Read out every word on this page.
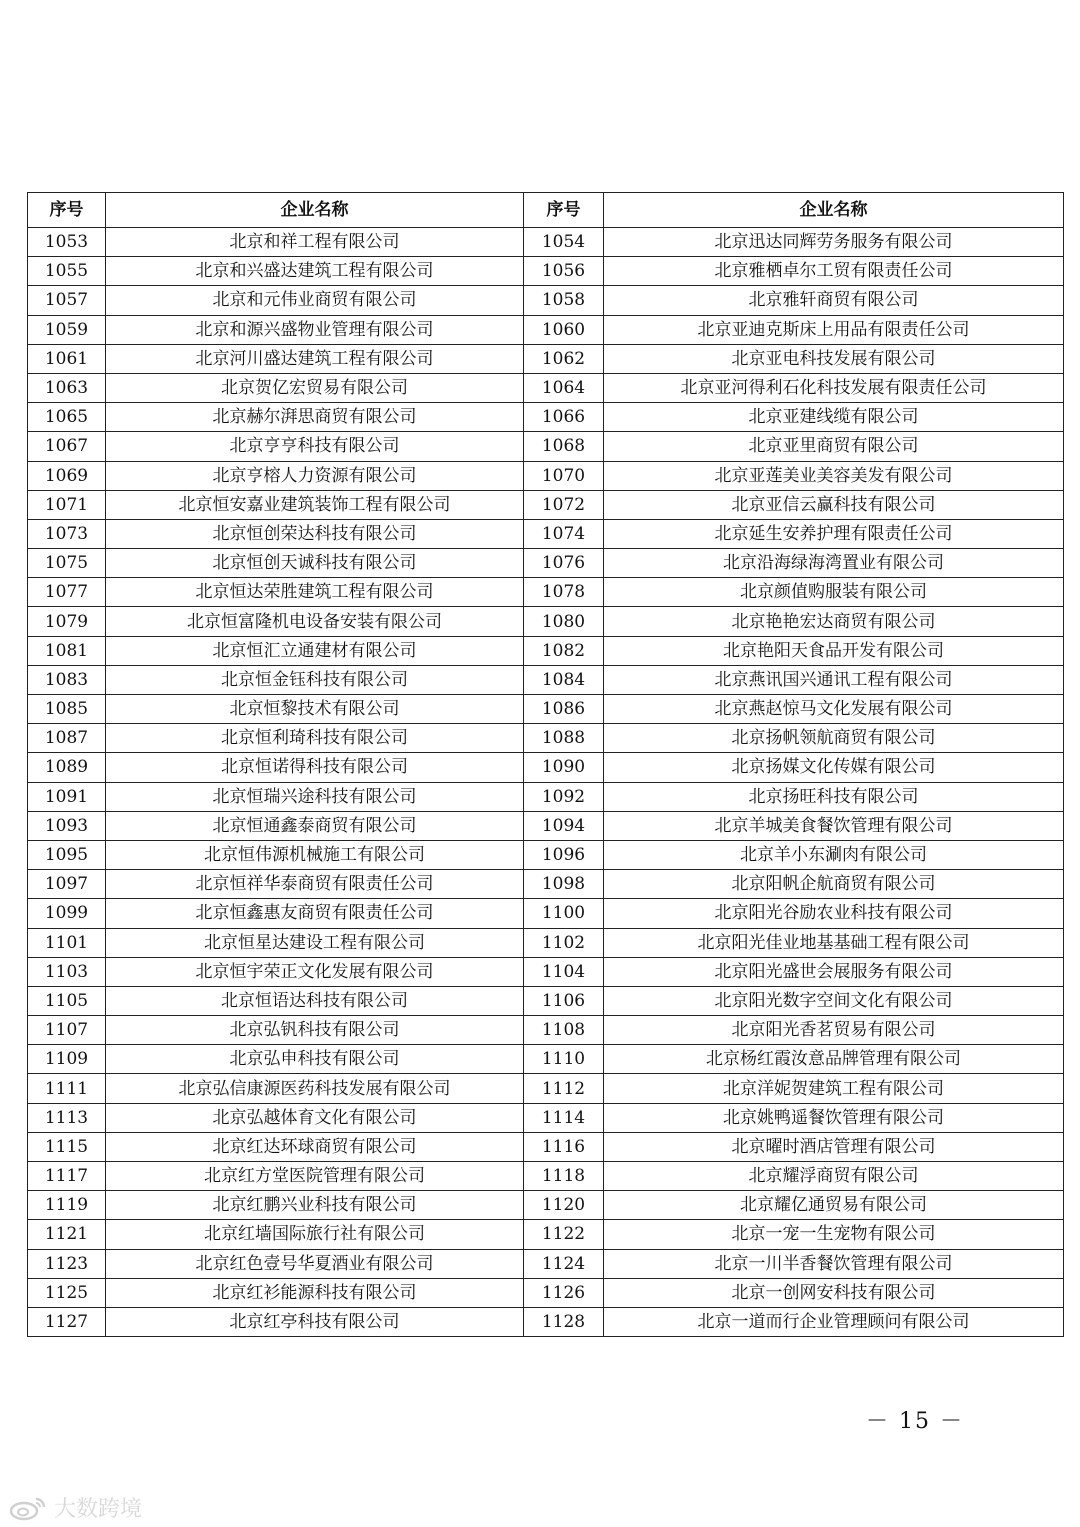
序号	企业名称	序号	企业名称
1053	北京和祥工程有限公司	1054	北京迅达同辉劳务服务有限公司
1055	北京和兴盛达建筑工程有限公司	1056	北京雅栖卓尔工贸有限责任公司
1057	北京和元伟业商贸有限公司	1058	北京雅轩商贸有限公司
1059	北京和源兴盛物业管理有限公司	1060	北京亚迪克斯床上用品有限责任公司
1061	北京河川盛达建筑工程有限公司	1062	北京亚电科技发展有限公司
1063	北京贺亿宏贸易有限公司	1064	北京亚河得利石化科技发展有限责任公司
1065	北京赫尔湃思商贸有限公司	1066	北京亚建线缆有限公司
1067	北京亨亨科技有限公司	1068	北京亚里商贸有限公司
1069	北京亨榕人力资源有限公司	1070	北京亚莲美业美容美发有限公司
1071	北京恒安嘉业建筑装饰工程有限公司	1072	北京亚信云赢科技有限公司
1073	北京恒创荣达科技有限公司	1074	北京延生安养护理有限责任公司
1075	北京恒创天诚科技有限公司	1076	北京沿海绿海湾置业有限公司
1077	北京恒达荣胜建筑工程有限公司	1078	北京颜值购服装有限公司
1079	北京恒富隆机电设备安装有限公司	1080	北京艳艳宏达商贸有限公司
1081	北京恒汇立通建材有限公司	1082	北京艳阳天食品开发有限公司
1083	北京恒金钰科技有限公司	1084	北京燕讯国兴通讯工程有限公司
1085	北京恒黎技术有限公司	1086	北京燕赵惊马文化发展有限公司
1087	北京恒利琦科技有限公司	1088	北京扬帆领航商贸有限公司
1089	北京恒诺得科技有限公司	1090	北京扬媒文化传媒有限公司
1091	北京恒瑞兴途科技有限公司	1092	北京扬旺科技有限公司
1093	北京恒通鑫泰商贸有限公司	1094	北京羊城美食餐饮管理有限公司
1095	北京恒伟源机械施工有限公司	1096	北京羊小东涮肉有限公司
1097	北京恒祥华泰商贸有限责任公司	1098	北京阳帆企航商贸有限公司
1099	北京恒鑫惠友商贸有限责任公司	1100	北京阳光谷励农业科技有限公司
1101	北京恒星达建设工程有限公司	1102	北京阳光佳业地基基础工程有限公司
1103	北京恒宇荣正文化发展有限公司	1104	北京阳光盛世会展服务有限公司
1105	北京恒语达科技有限公司	1106	北京阳光数字空间文化有限公司
1107	北京弘钒科技有限公司	1108	北京阳光香茗贸易有限公司
1109	北京弘申科技有限公司	1110	北京杨红霞汝意品牌管理有限公司
1111	北京弘信康源医药科技发展有限公司	1112	北京洋妮贺建筑工程有限公司
1113	北京弘越体育文化有限公司	1114	北京姚鸭遥餐饮管理有限公司
1115	北京红达环球商贸有限公司	1116	北京曜时酒店管理有限公司
1117	北京红方堂医院管理有限公司	1118	北京耀浮商贸有限公司
1119	北京红鹏兴业科技有限公司	1120	北京耀亿通贸易有限公司
1121	北京红墙国际旅行社有限公司	1122	北京一宠一生宠物有限公司
1123	北京红色壹号华夏酒业有限公司	1124	北京一川半香餐饮管理有限公司
1125	北京红衫能源科技有限公司	1126	北京一创网安科技有限公司
1127	北京红亭科技有限公司	1128	北京一道而行企业管理顾问有限公司
－ 15 －
大数跨境
